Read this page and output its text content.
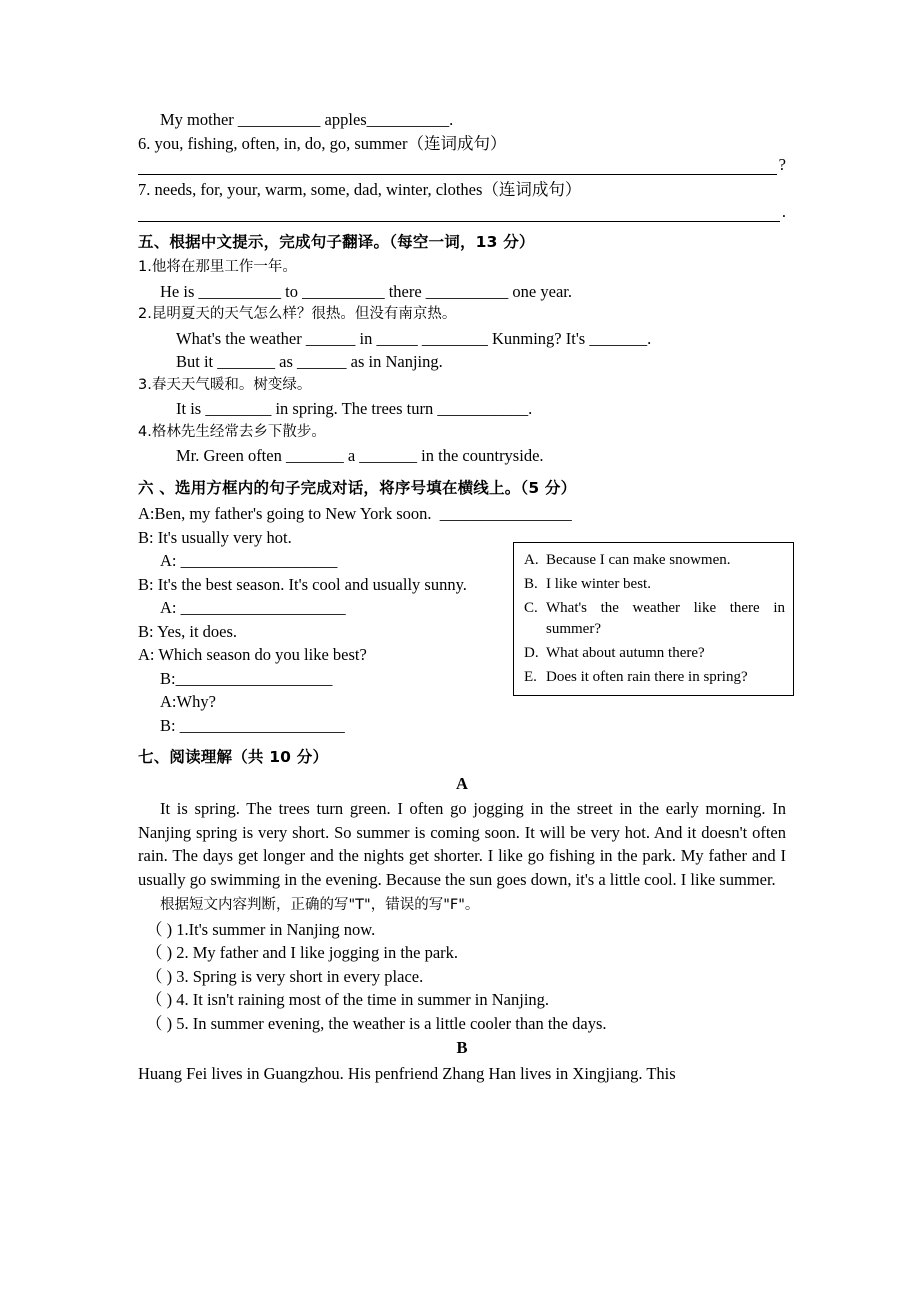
My mother __________ apples__________.
6. you, fishing, often, in, do, go, summer（连词成句）
?
7. needs, for, your, warm, some, dad, winter, clothes（连词成句）
.
五、根据中文提示，完成句子翻译。（每空一词，13 分）
1.他将在那里工作一年。
He is __________ to __________ there __________ one year.
2.昆明夏天的天气怎么样？很热。但没有南京热。
What's the weather ______ in _____ ________ Kunming? It's _______.
But it _______ as ______ as in Nanjing.
3.春天天气暖和。树变绿。
It is ________ in spring. The trees turn ___________.
4.格林先生经常去乡下散步。
Mr. Green often _______ a _______ in the countryside.
六 、选用方框内的句子完成对话，将序号填在横线上。（5 分）
A:Ben, my father's going to New York soon.  ________________
B: It's usually very hot.
A: ___________________
B: It's the best season. It's cool and usually sunny.
A: ____________________
B: Yes, it does.
A: Which season do you like best?
B:___________________
A:Why?
B: ____________________
七、阅读理解（共 10 分）
A
It is spring. The trees turn green. I often go jogging in the street in the early morning. In Nanjing spring is very short. So summer is coming soon. It will be very hot. And it doesn't often rain. The days get longer and the nights get shorter. I like go fishing in the park. My father and I usually go swimming in the evening. Because the sun goes down, it's a little cool. I like summer.
根据短文内容判断，正确的写"T"，错误的写"F"。
（ ) 1.It's summer in Nanjing now.
（ ) 2. My father and I like jogging in the park.
（ ) 3. Spring is very short in every place.
（ ) 4. It isn't raining most of the time in summer in Nanjing.
（ ) 5. In summer evening, the weather is a little cooler than the days.
B
Huang Fei lives in Guangzhou. His penfriend Zhang Han lives in Xingjiang. This
A. Because I can make snowmen.
B. I like winter best.
C. What's the weather like there in summer?
D. What about autumn there?
E. Does it often rain there in spring?
